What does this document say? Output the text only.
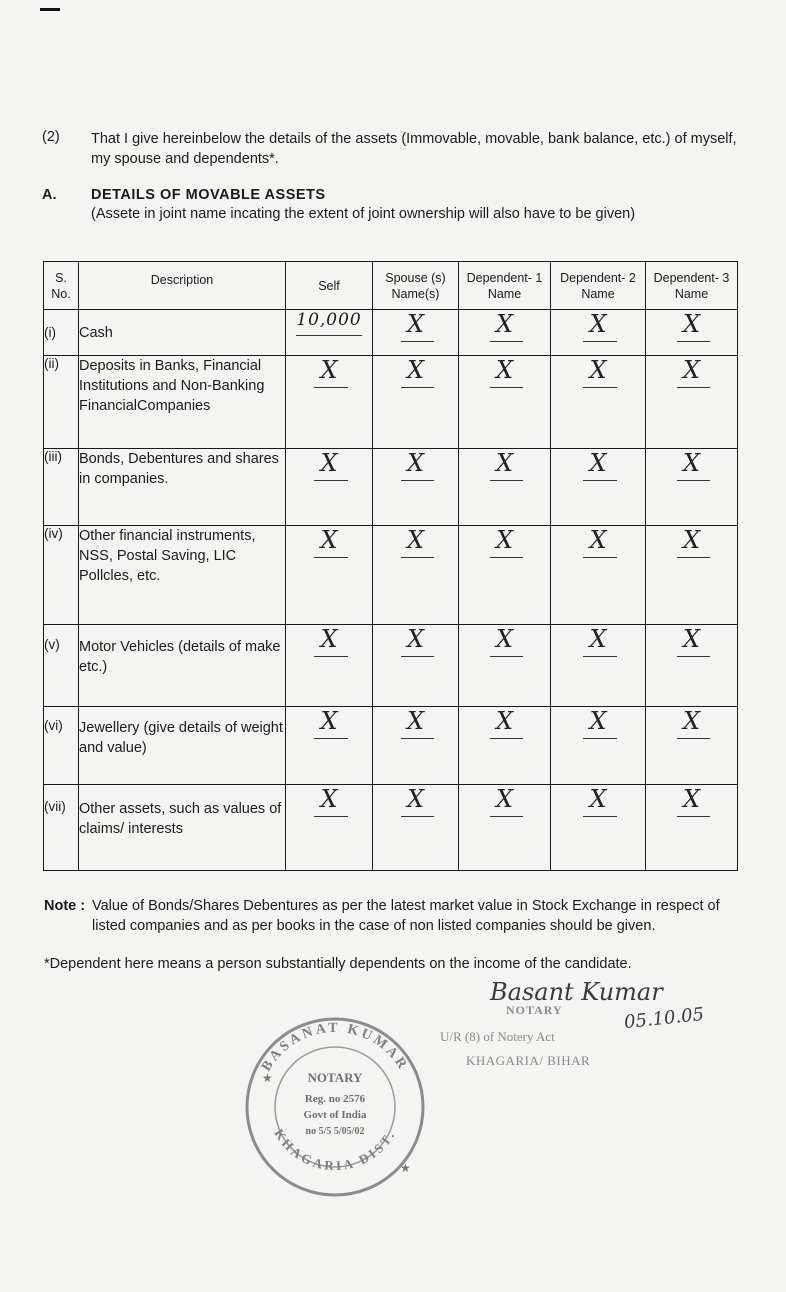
(2) That I give hereinbelow the details of the assets (Immovable, movable, bank balance, etc.) of myself, my spouse and dependents*.
A. DETAILS OF MOVABLE ASSETS
(Assete in joint name incating the extent of joint ownership will also have to be given)
S. No.	Description	Self	Spouse (s) Name(s)	Dependent- 1 Name	Dependent- 2 Name	Dependent- 3 Name
(i)	Cash	10,000	X	X	X	X
(ii)	Deposits in Banks, Financial Institutions and Non-Banking FinancialCompanies	X	X	X	X	X
(iii)	Bonds, Debentures and shares in companies.	X	X	X	X	X
(iv)	Other financial instruments, NSS, Postal Saving, LIC Pollcles, etc.	X	X	X	X	X
(v)	Motor Vehicles (details of make etc.)	X	X	X	X	X
(vi)	Jewellery (give details of weight and value)	X	X	X	X	X
(vii)	Other assets, such as values of claims/ interests	X	X	X	X	X
Note : Value of Bonds/Shares Debentures as per the latest market value in Stock Exchange in respect of listed companies and as per books in the case of non listed companies should be given.
*Dependent here means a person substantially dependents on the income of the candidate.
Basant Kumar
NOTARY
U/R (8) of Notery Act
KHAGARIA/ BIHAR
05.10.05
BASANAT KUMAR
KHAGARIA DIST.
NOTARY
Reg. no 2576
Govt of India
no 5/5 5/05/02
★
★
